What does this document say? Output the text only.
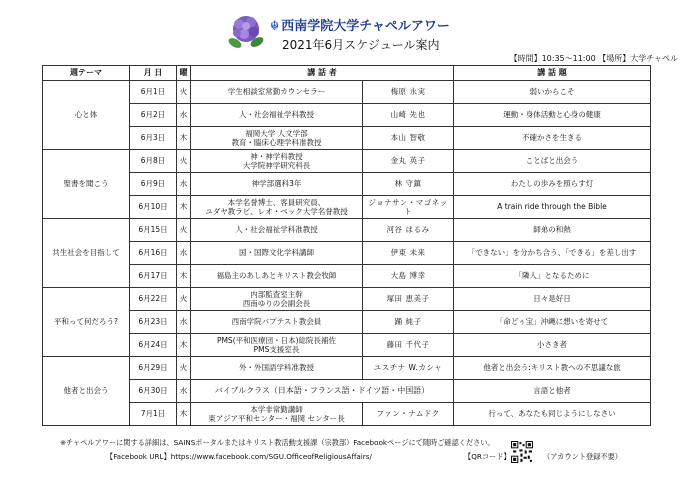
☬ 西南学院大学チャペルアワー
2021年6月スケジュール案内
【時間】10:35～11:00 【場所】大学チャペル
週テーマ	月 日	曜	講 話 者		講 話 題
心と体	6月1日	火	学生相談室常勤カウンセラー	梅原 永実	弱いからこそ
	6月2日	水	人・社会福祉学科教授	山崎 先也	運動・身体活動と心身の健康
	6月3日	木	福岡大学 人文学部
教育・臨床心理学科准教授	本山 智敬	不確かさを生きる
聖書を聞こう	6月8日	火	神・神学科教授
大学院神学研究科長	金丸 英子	ことばと出会う
	6月9日	水	神学部選科3年	林 守鎮	わたしの歩みを照らす灯
	6月10日	木	本学名誉博士、客員研究員、
ユダヤ教ラビ、レオ・ベック大学名誉教授	ジョナサン・マゴネット	A train ride through the Bible
共生社会を目指して	6月15日	火	人・社会福祉学科准教授	河谷 はるみ	師弟の和熱
	6月16日	水	国・国際文化学科講師	伊東 未来	「できない」を分かち合う、「できる」を差し出す
	6月17日	木	福島主のあしあとキリスト教会牧師	大島 博幸	「隣人」となるために
平和って何だろう?	6月22日	火	内部監査室主幹
西南ゆりの会副会長	塚田 恵美子	日々是好日
	6月23日	水	西南学院バプテスト教会員	踊 純子	「命どぅ宝」沖縄に想いを寄せて
	6月24日	木	PMS(平和医療団・日本)総院長補佐
PMS支援室長	藤田 千代子	小さき者
他者と出会う	6月29日	火	外・外国語学科准教授	ユスチナ W.カシャ	他者と出会う:キリスト教への不思議な旅
	6月30日	水	バイブルクラス（日本語・フランス語・ドイツ語・中国語）		言語と他者
	7月1日	木	本学非常勤講師
東アジア平和センター・福岡 センター長	ファン・ナムドク	行って、あなたも同じようにしなさい
※チャペルアワーに関する詳細は、SAINSポータルまたはキリスト教活動支援課（宗教部）Facebookページにて随時ご確認ください。
【Facebook URL】https://www.facebook.com/SGU.OfficeofReligiousAffairs/	【QRコード】	（アカウント登録不要）
